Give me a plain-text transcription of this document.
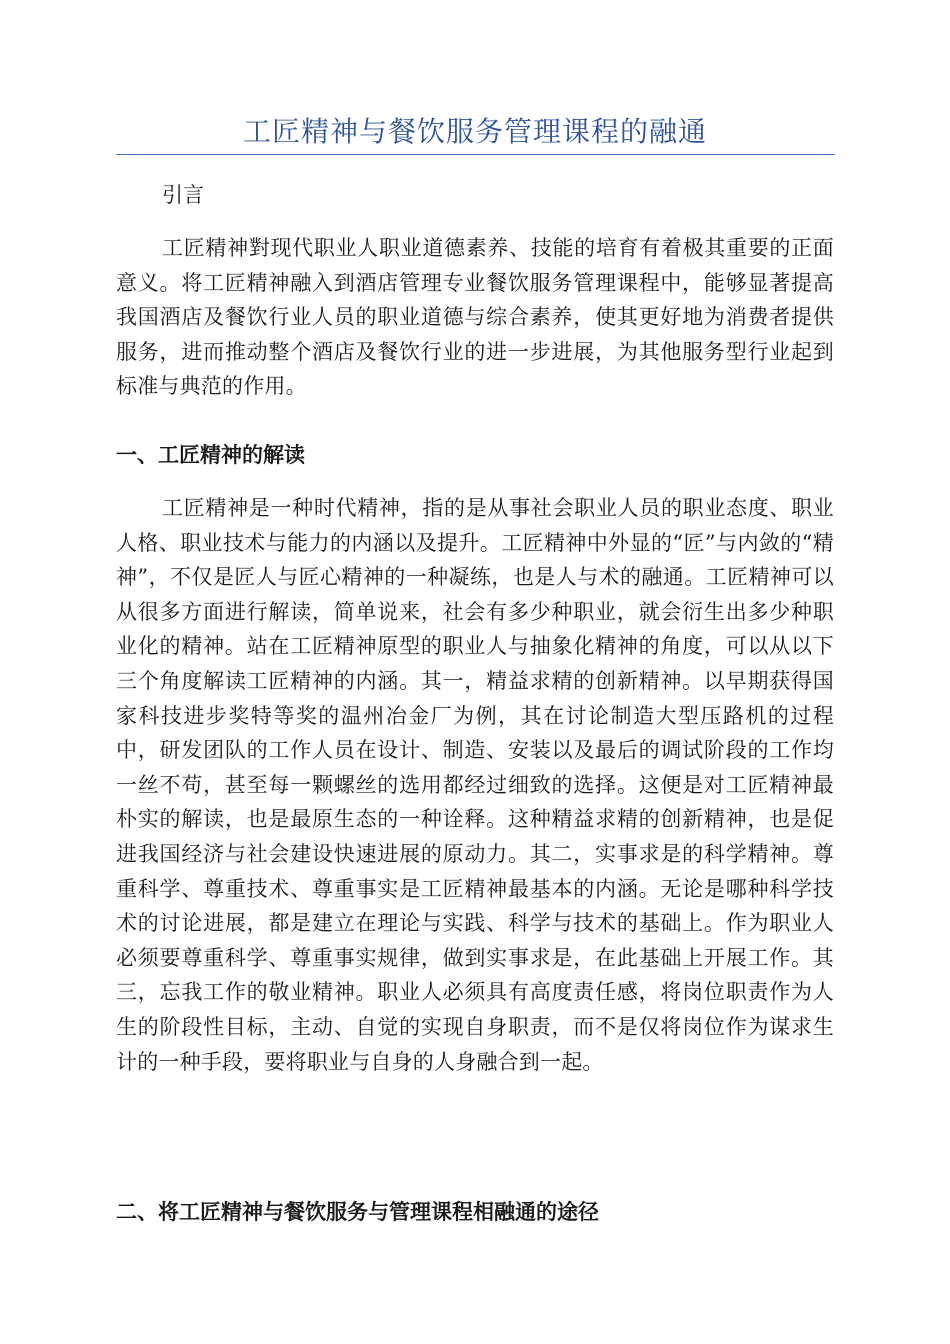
工匠精神与餐饮服务管理课程的融通

引言

工匠精神對现代职业人职业道德素养、技能的培育有着极其重要的正面意义。将工匠精神融入到酒店管理专业餐饮服务管理课程中，能够显著提高我国酒店及餐饮行业人员的职业道德与综合素养，使其更好地为消费者提供服务，进而推动整个酒店及餐饮行业的进一步进展，为其他服务型行业起到标准与典范的作用。

一、工匠精神的解读

工匠精神是一种时代精神，指的是从事社会职业人员的职业态度、职业人格、职业技术与能力的内涵以及提升。工匠精神中外显的“匠”与内敛的“精神”，不仅是匠人与匠心精神的一种凝练，也是人与术的融通。工匠精神可以从很多方面进行解读，简单说来，社会有多少种职业，就会衍生出多少种职业化的精神。站在工匠精神原型的职业人与抽象化精神的角度，可以从以下三个角度解读工匠精神的内涵。其一，精益求精的创新精神。以早期获得国家科技进步奖特等奖的温州冶金厂为例，其在讨论制造大型压路机的过程中，研发团队的工作人员在设计、制造、安装以及最后的调试阶段的工作均一丝不苟，甚至每一颗螺丝的选用都经过细致的选择。这便是对工匠精神最朴实的解读，也是最原生态的一种诠释。这种精益求精的创新精神，也是促进我国经济与社会建设快速进展的原动力。其二，实事求是的科学精神。尊重科学、尊重技术、尊重事实是工匠精神最基本的内涵。无论是哪种科学技术的讨论进展，都是建立在理论与实践、科学与技术的基础上。作为职业人必须要尊重科学、尊重事实规律，做到实事求是，在此基础上开展工作。其三，忘我工作的敬业精神。职业人必须具有高度责任感，将岗位职责作为人生的阶段性目标，主动、自觉的实现自身职责，而不是仅将岗位作为谋求生计的一种手段，要将职业与自身的人身融合到一起。

二、将工匠精神与餐饮服务与管理课程相融通的途径
